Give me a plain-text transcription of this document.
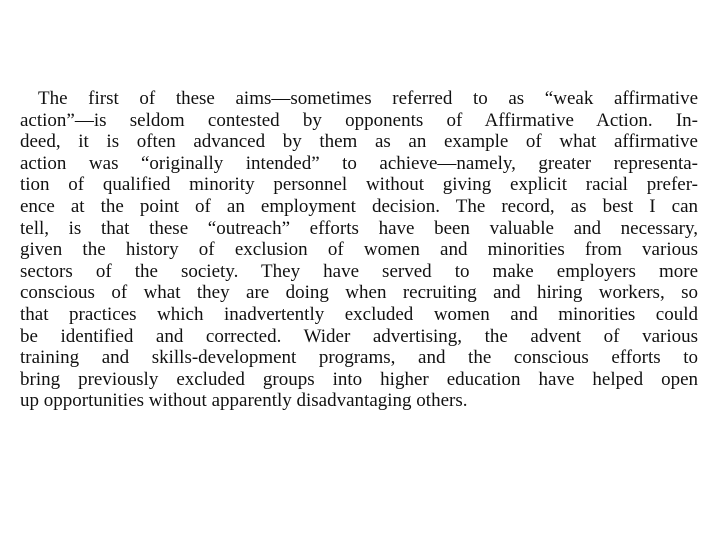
The first of these aims—sometimes referred to as “weak affirmative
action”—is seldom contested by opponents of Affirmative Action. In-
deed, it is often advanced by them as an example of what affirmative
action was “originally intended” to achieve—namely, greater representa-
tion of qualified minority personnel without giving explicit racial prefer-
ence at the point of an employment decision. The record, as best I can
tell, is that these “outreach” efforts have been valuable and necessary,
given the history of exclusion of women and minorities from various
sectors of the society. They have served to make employers more
conscious of what they are doing when recruiting and hiring workers, so
that practices which inadvertently excluded women and minorities could
be identified and corrected. Wider advertising, the advent of various
training and skills-development programs, and the conscious efforts to
bring previously excluded groups into higher education have helped open
up opportunities without apparently disadvantaging others.
